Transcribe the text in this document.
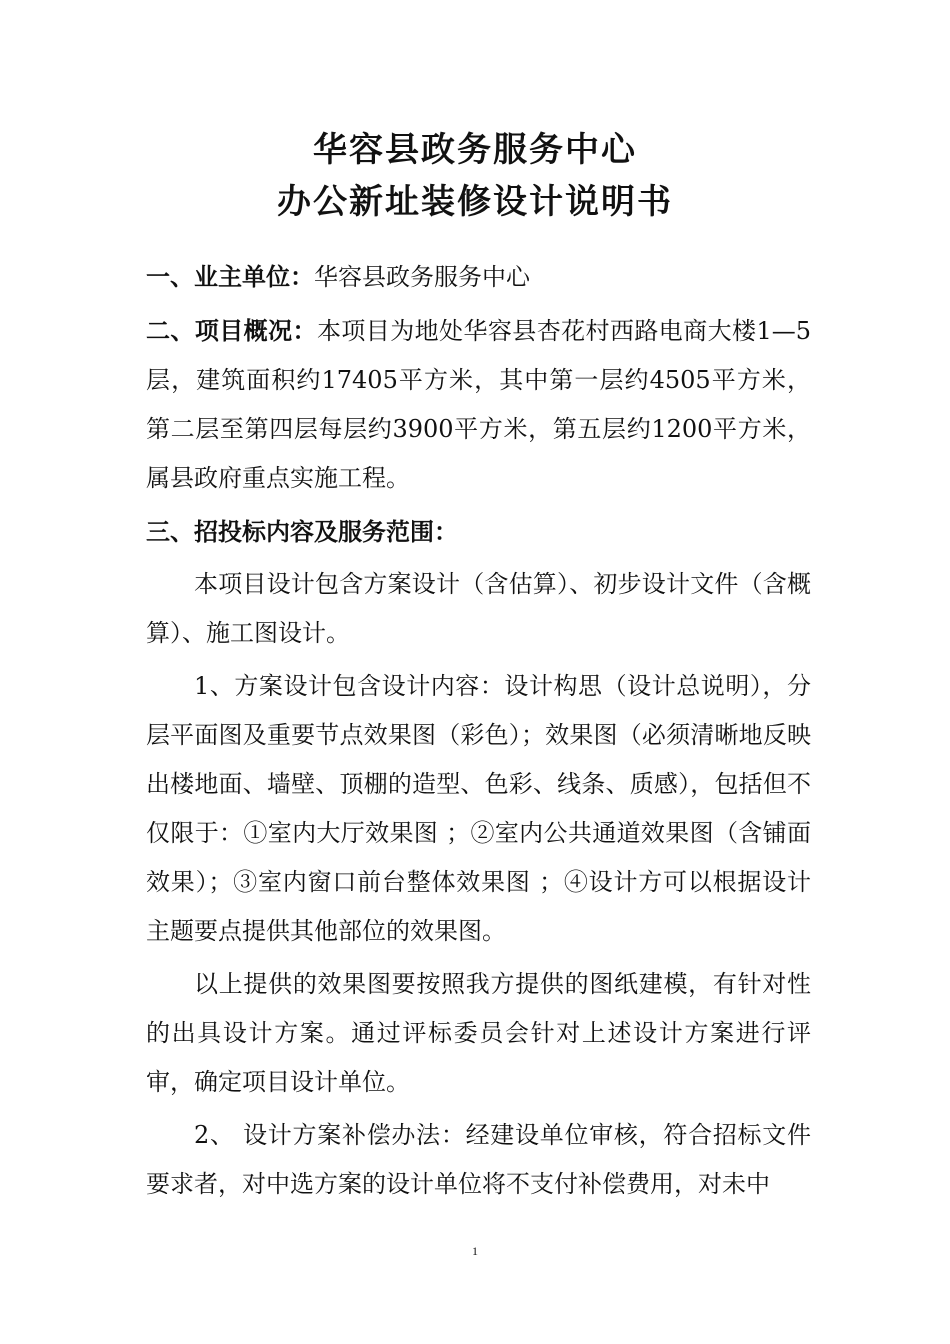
华容县政务服务中心
办公新址装修设计说明书

一、业主单位：华容县政务服务中心

二、项目概况：本项目为地处华容县杏花村西路电商大楼1—5层，建筑面积约17405平方米，其中第一层约4505平方米，第二层至第四层每层约3900平方米，第五层约1200平方米，属县政府重点实施工程。

三、招投标内容及服务范围：

本项目设计包含方案设计（含估算）、初步设计文件（含概算）、施工图设计。

1、方案设计包含设计内容：设计构思（设计总说明），分层平面图及重要节点效果图（彩色）；效果图（必须清晰地反映出楼地面、墙壁、顶棚的造型、色彩、线条、质感），包括但不仅限于：①室内大厅效果图 ；②室内公共通道效果图（含铺面效果）；③室内窗口前台整体效果图 ；④设计方可以根据设计主题要点提供其他部位的效果图。

以上提供的效果图要按照我方提供的图纸建模，有针对性的出具设计方案。通过评标委员会针对上述设计方案进行评审，确定项目设计单位。

2、 设计方案补偿办法：经建设单位审核，符合招标文件要求者，对中选方案的设计单位将不支付补偿费用，对未中

1
